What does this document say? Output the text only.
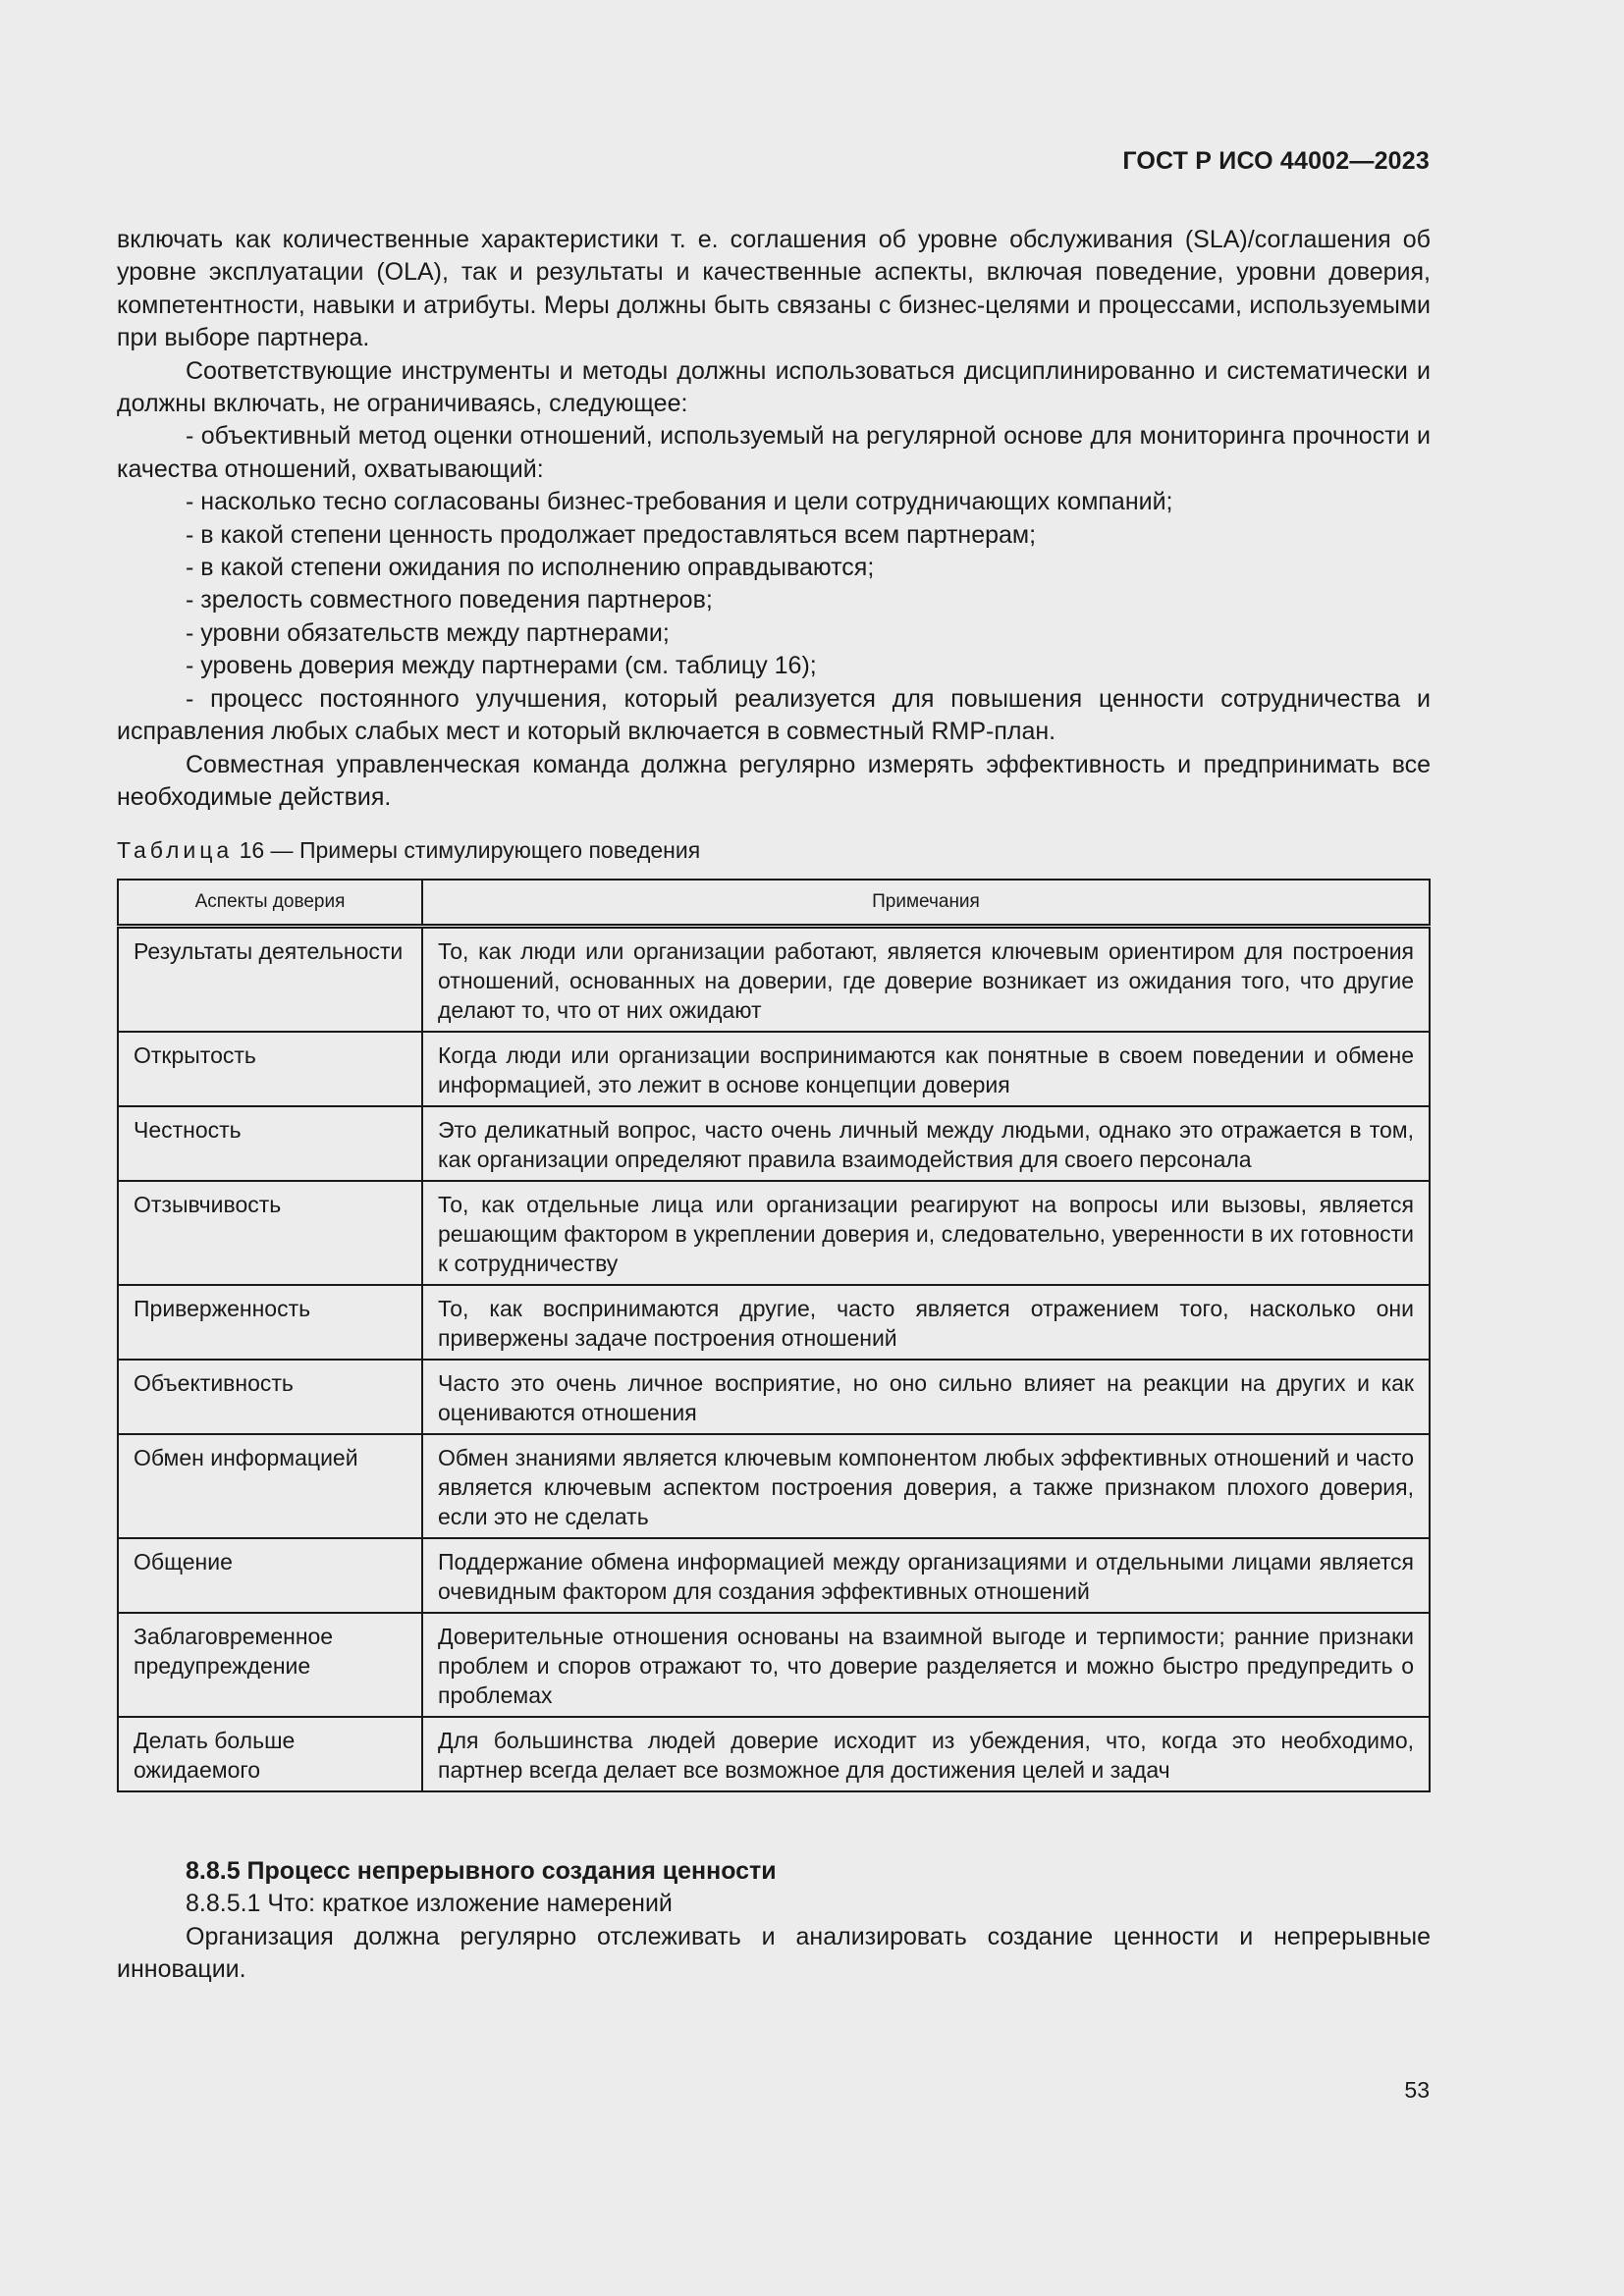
ГОСТ Р ИСО 44002—2023

включать как количественные характеристики т. е. соглашения об уровне обслуживания (SLA)/соглашения об уровне эксплуатации (OLA), так и результаты и качественные аспекты, включая поведение, уровни доверия, компетентности, навыки и атрибуты. Меры должны быть связаны с бизнес-целями и процессами, используемыми при выборе партнера.

Соответствующие инструменты и методы должны использоваться дисциплинированно и систематически и должны включать, не ограничиваясь, следующее:

- объективный метод оценки отношений, используемый на регулярной основе для мониторинга прочности и качества отношений, охватывающий:

- насколько тесно согласованы бизнес-требования и цели сотрудничающих компаний;

- в какой степени ценность продолжает предоставляться всем партнерам;

- в какой степени ожидания по исполнению оправдываются;

- зрелость совместного поведения партнеров;

- уровни обязательств между партнерами;

- уровень доверия между партнерами (см. таблицу 16);

- процесс постоянного улучшения, который реализуется для повышения ценности сотрудничества и исправления любых слабых мест и который включается в совместный RMP-план.

Совместная управленческая команда должна регулярно измерять эффективность и предпринимать все необходимые действия.

Таблица 16 — Примеры стимулирующего поведения
Аспекты доверия	Примечания
Результаты деятельности	То, как люди или организации работают, является ключевым ориентиром для построения отношений, основанных на доверии, где доверие возникает из ожидания того, что другие делают то, что от них ожидают
Открытость	Когда люди или организации воспринимаются как понятные в своем поведении и обмене информацией, это лежит в основе концепции доверия
Честность	Это деликатный вопрос, часто очень личный между людьми, однако это отражается в том, как организации определяют правила взаимодействия для своего персонала
Отзывчивость	То, как отдельные лица или организации реагируют на вопросы или вызовы, является решающим фактором в укреплении доверия и, следовательно, уверенности в их готовности к сотрудничеству
Приверженность	То, как воспринимаются другие, часто является отражением того, насколько они привержены задаче построения отношений
Объективность	Часто это очень личное восприятие, но оно сильно влияет на реакции на других и как оцениваются отношения
Обмен информацией	Обмен знаниями является ключевым компонентом любых эффективных отношений и часто является ключевым аспектом построения доверия, а также признаком плохого доверия, если это не сделать
Общение	Поддержание обмена информацией между организациями и отдельными лицами является очевидным фактором для создания эффективных отношений
Заблаговременное предупреждение	Доверительные отношения основаны на взаимной выгоде и терпимости; ранние признаки проблем и споров отражают то, что доверие разделяется и можно быстро предупредить о проблемах
Делать больше ожидаемого	Для большинства людей доверие исходит из убеждения, что, когда это необходимо, партнер всегда делает все возможное для достижения целей и задач

8.8.5 Процесс непрерывного создания ценности

8.8.5.1 Что: краткое изложение намерений

Организация должна регулярно отслеживать и анализировать создание ценности и непрерывные инновации.

53
